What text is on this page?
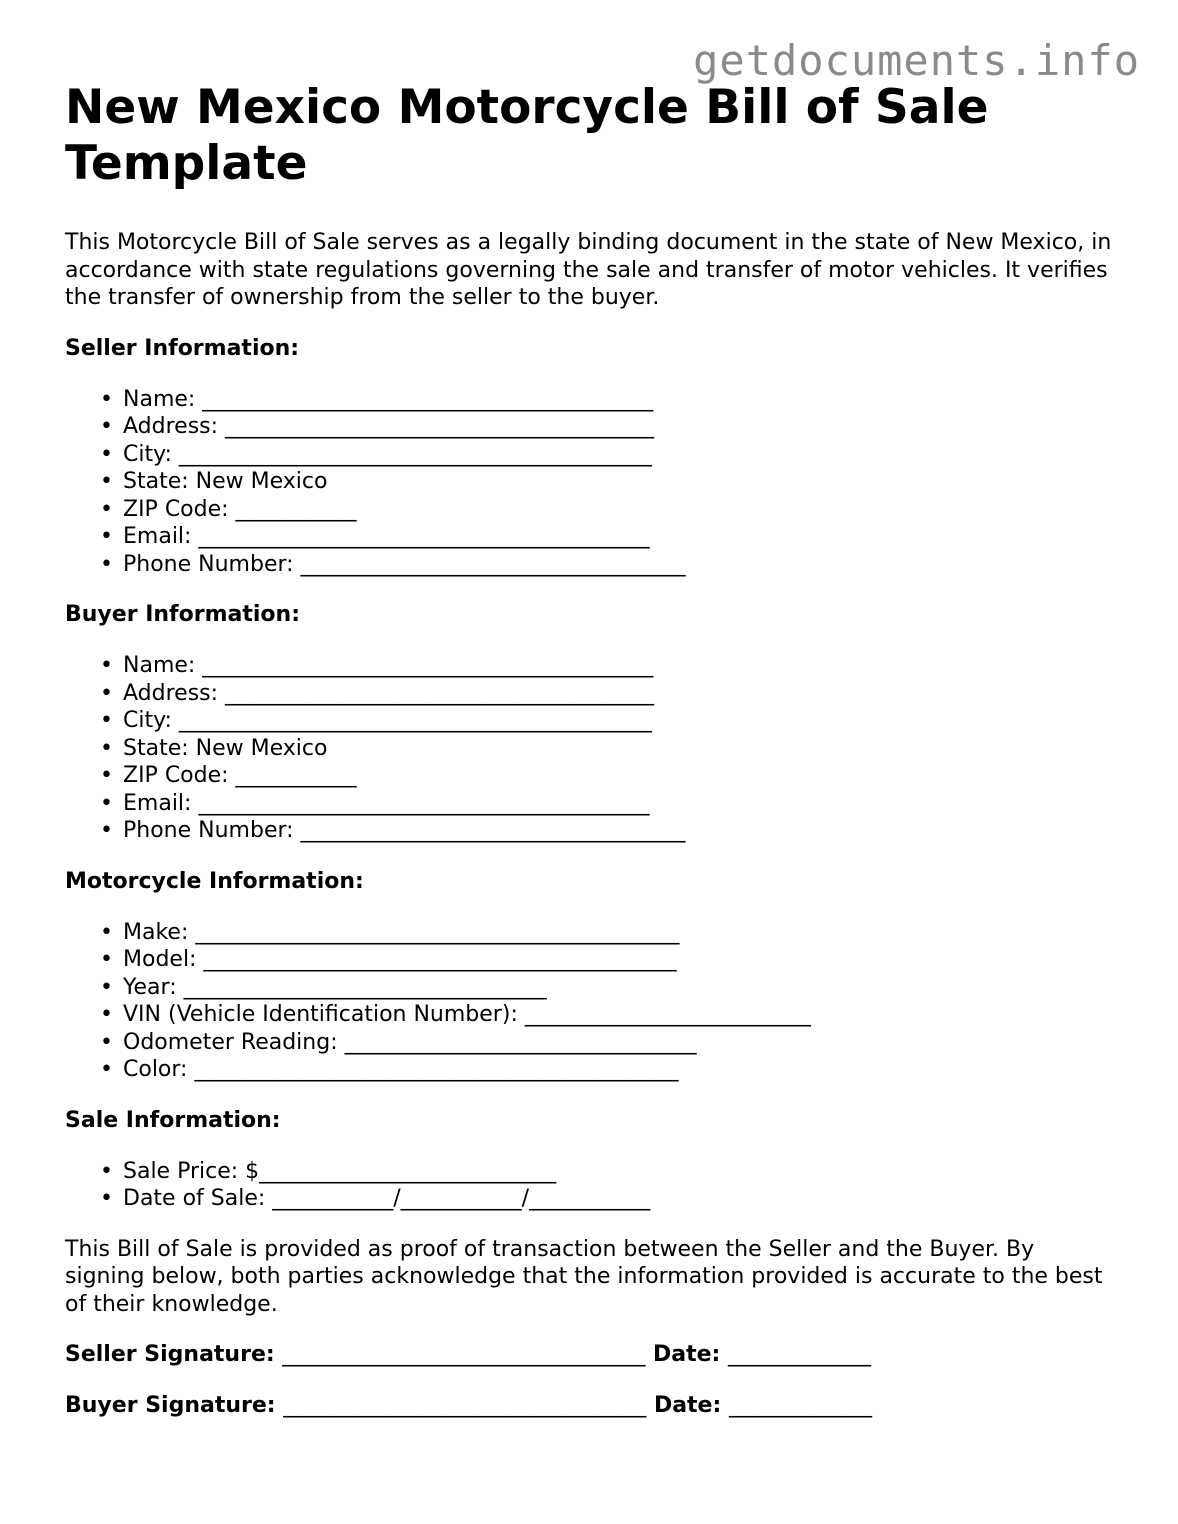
getdocuments.info
New Mexico Motorcycle Bill of Sale Template

This Motorcycle Bill of Sale serves as a legally binding document in the state of New Mexico, in accordance with state regulations governing the sale and transfer of motor vehicles. It verifies the transfer of ownership from the seller to the buyer.

Seller Information:
• Name: _________________________________________
• Address: _______________________________________
• City: ___________________________________________
• State: New Mexico
• ZIP Code: ___________
• Email: _________________________________________
• Phone Number: ___________________________________
Buyer Information:
• Name: _________________________________________
• Address: _______________________________________
• City: ___________________________________________
• State: New Mexico
• ZIP Code: ___________
• Email: _________________________________________
• Phone Number: ___________________________________
Motorcycle Information:
• Make: ____________________________________________
• Model: ___________________________________________
• Year: _________________________________
• VIN (Vehicle Identification Number): __________________________
• Odometer Reading: ________________________________
• Color: ____________________________________________
Sale Information:
• Sale Price: $___________________________
• Date of Sale: ___________/___________/___________

This Bill of Sale is provided as proof of transaction between the Seller and the Buyer. By signing below, both parties acknowledge that the information provided is accurate to the best of their knowledge.

Seller Signature: _________________________________ Date: _____________
Buyer Signature: _________________________________ Date: _____________
